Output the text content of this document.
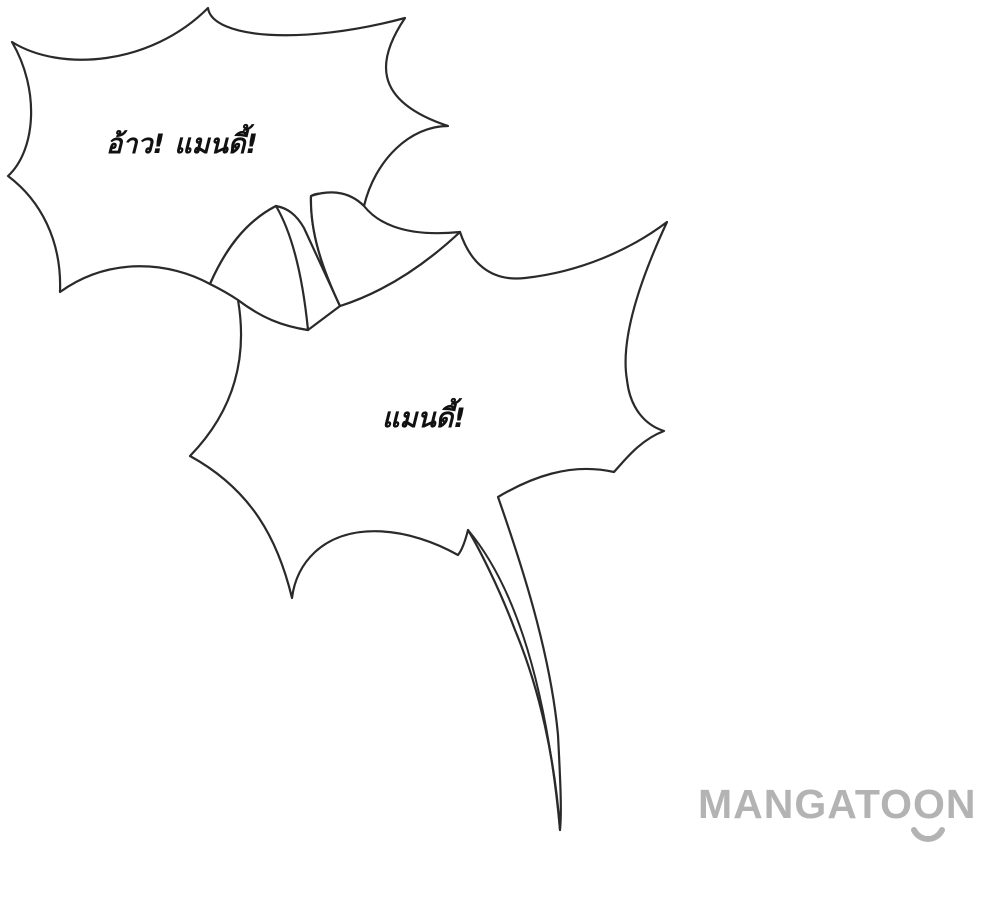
อ้าว! แมนดี้!
แมนดี้!
MANGATOON
